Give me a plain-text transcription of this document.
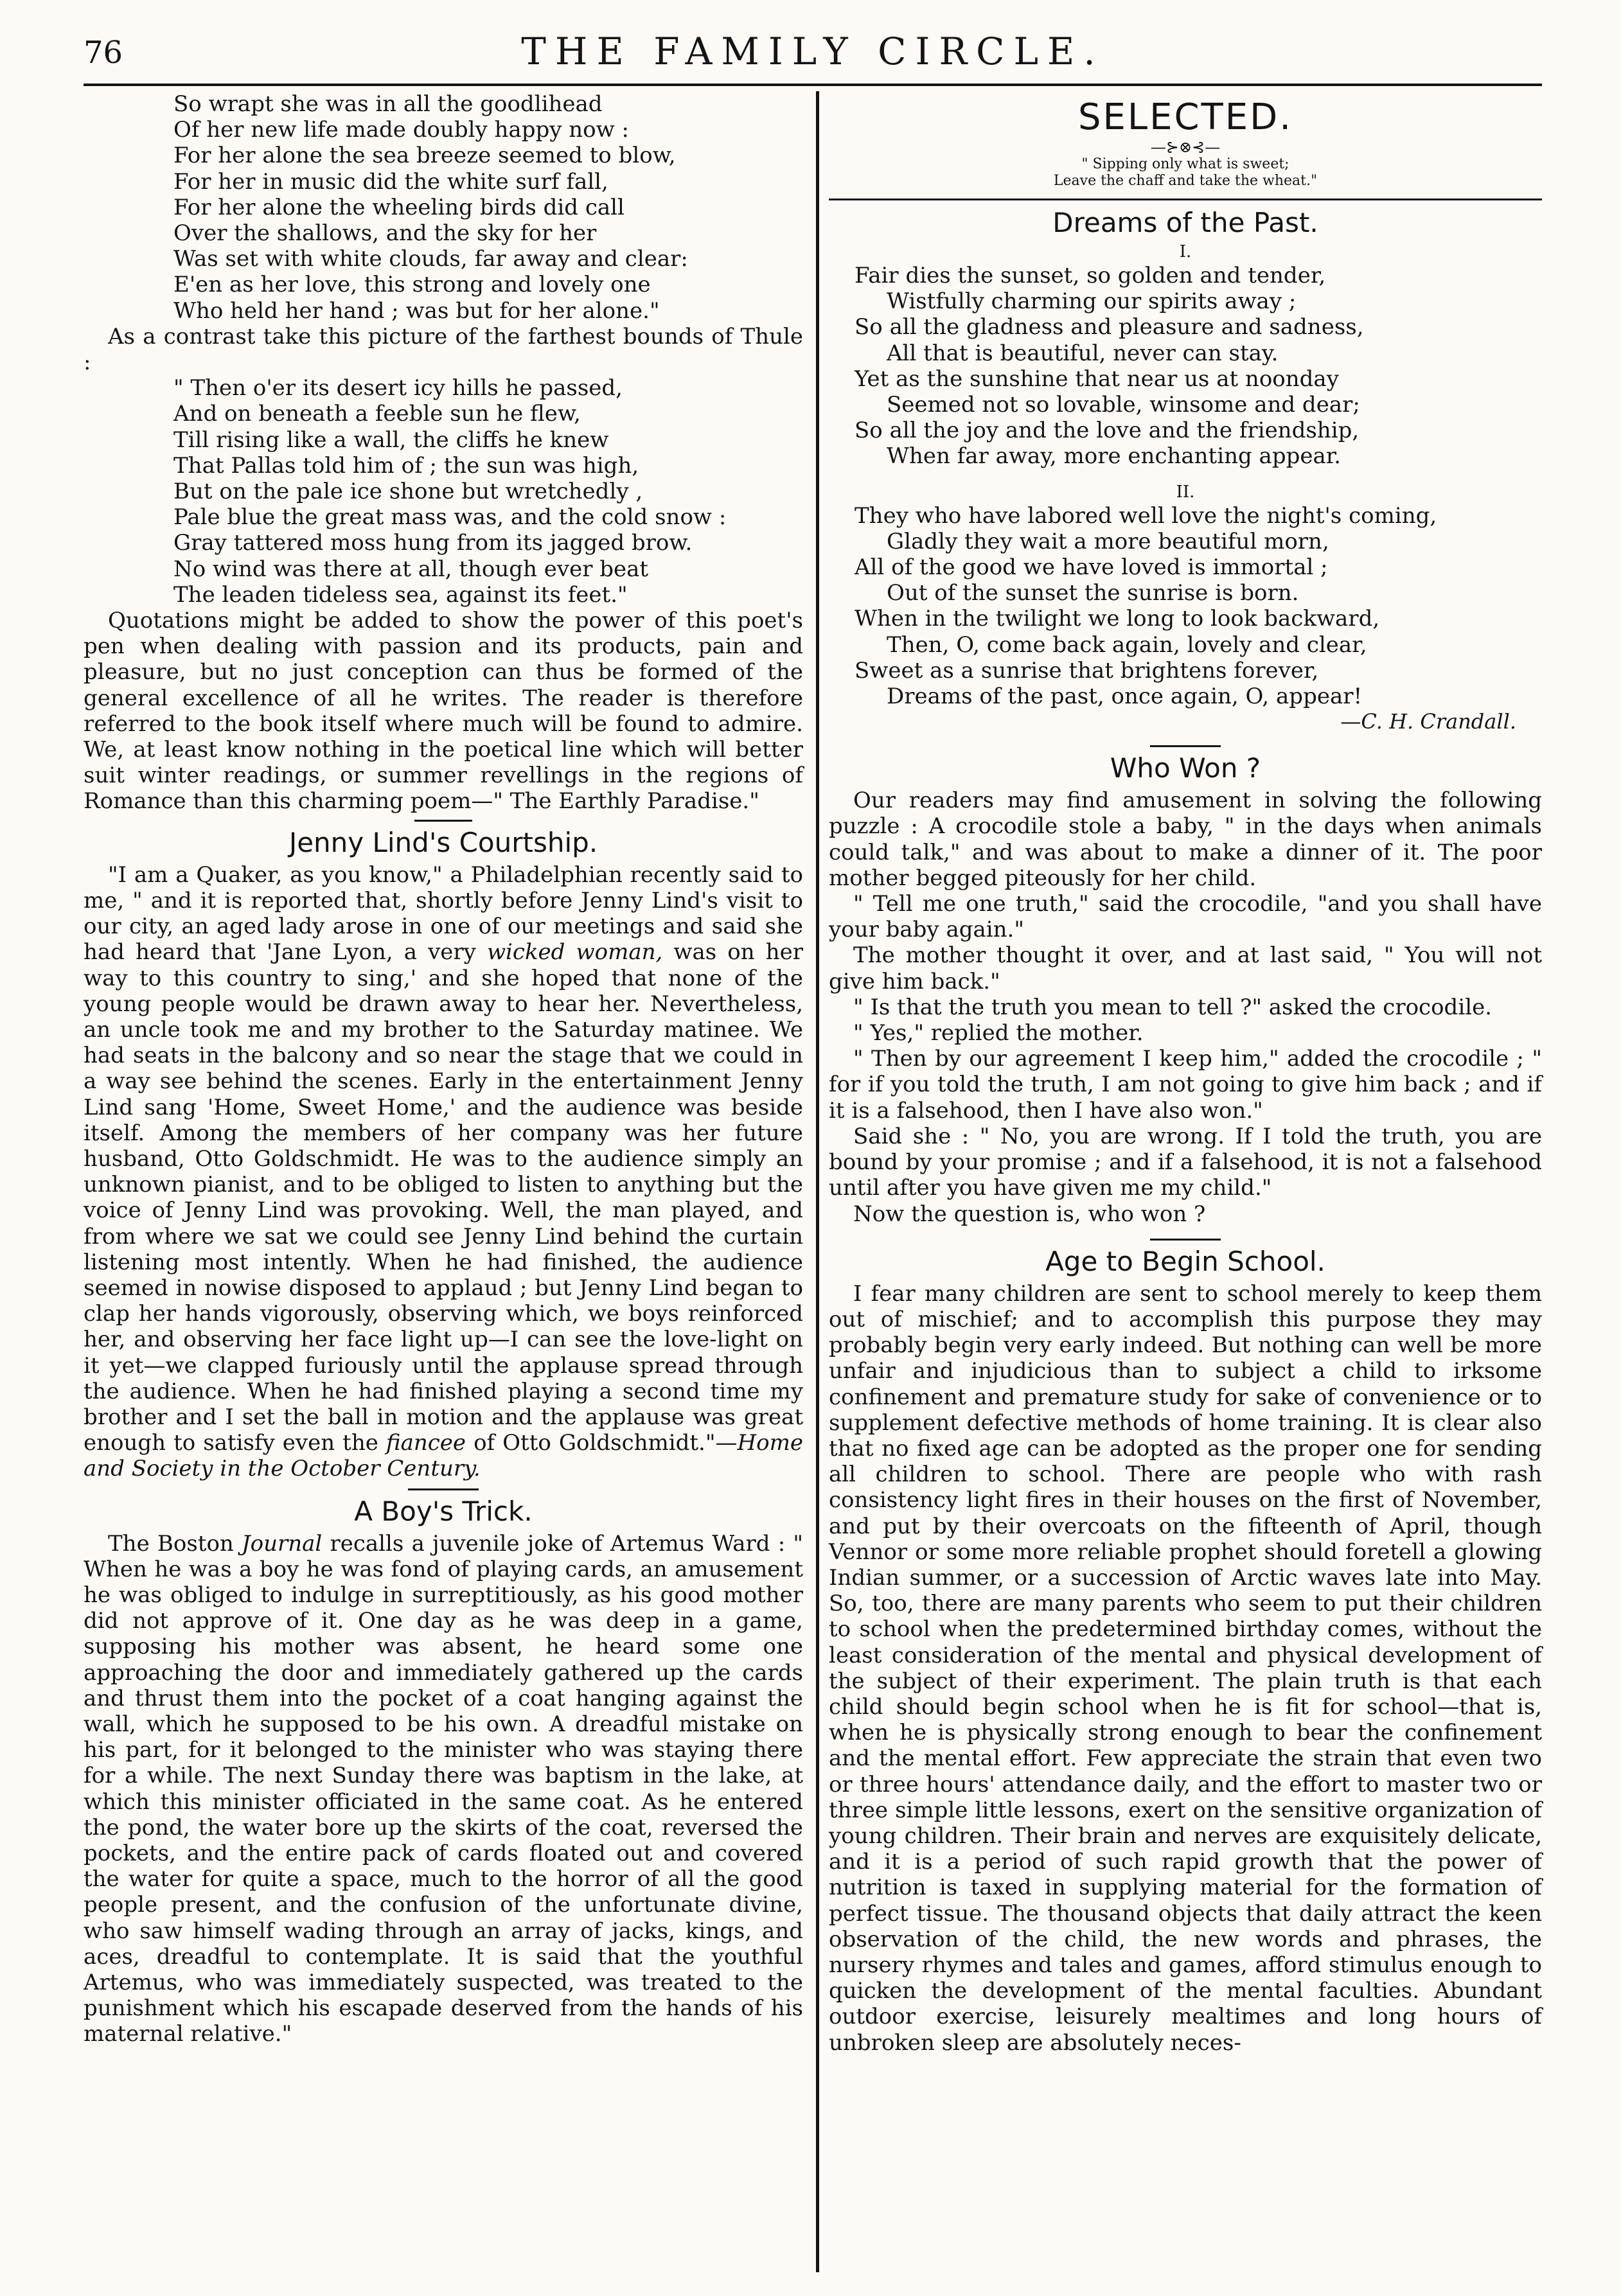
76	THE FAMILY CIRCLE.
So wrapt she was in all the goodlihead
Of her new life made doubly happy now :
For her alone the sea breeze seemed to blow,
For her in music did the white surf fall,
For her alone the wheeling birds did call
Over the shallows, and the sky for her
Was set with white clouds, far away and clear:
E'en as her love, this strong and lovely one
Who held her hand ; was but for her alone."

As a contrast take this picture of the farthest bounds of Thule :

" Then o'er its desert icy hills he passed,
And on beneath a feeble sun he flew,
Till rising like a wall, the cliffs he knew
That Pallas told him of ; the sun was high,
But on the pale ice shone but wretchedly ,
Pale blue the great mass was, and the cold snow :
Gray tattered moss hung from its jagged brow.
No wind was there at all, though ever beat
The leaden tideless sea, against its feet."

Quotations might be added to show the power of this poet's pen when dealing with passion and its products, pain and pleasure, but no just conception can thus be formed of the general excellence of all he writes. The reader is therefore referred to the book itself where much will be found to admire. We, at least know nothing in the poetical line which will better suit winter readings, or summer revellings in the regions of Romance than this charming poem—" The Earthly Paradise."

Jenny Lind's Courtship.

"I am a Quaker, as you know," a Philadelphian recently said to me, " and it is reported that, shortly before Jenny Lind's visit to our city, an aged lady arose in one of our meetings and said she had heard that 'Jane Lyon, a very wicked woman, was on her way to this country to sing,' and she hoped that none of the young people would be drawn away to hear her. Nevertheless, an uncle took me and my brother to the Saturday matinee. We had seats in the balcony and so near the stage that we could in a way see behind the scenes. Early in the entertainment Jenny Lind sang 'Home, Sweet Home,' and the audience was beside itself. Among the members of her company was her future husband, Otto Goldschmidt. He was to the audience simply an unknown pianist, and to be obliged to listen to anything but the voice of Jenny Lind was provoking. Well, the man played, and from where we sat we could see Jenny Lind behind the curtain listening most intently. When he had finished, the audience seemed in nowise disposed to applaud ; but Jenny Lind began to clap her hands vigorously, observing which, we boys reinforced her, and observing her face light up—I can see the love-light on it yet—we clapped furiously until the applause spread through the audience. When he had finished playing a second time my brother and I set the ball in motion and the applause was great enough to satisfy even the fiancee of Otto Goldschmidt."—Home and Society in the October Century.

A Boy's Trick.

The Boston Journal recalls a juvenile joke of Artemus Ward : " When he was a boy he was fond of playing cards, an amusement he was obliged to indulge in surreptitiously, as his good mother did not approve of it. One day as he was deep in a game, supposing his mother was absent, he heard some one approaching the door and immediately gathered up the cards and thrust them into the pocket of a coat hanging against the wall, which he supposed to be his own. A dreadful mistake on his part, for it belonged to the minister who was staying there for a while. The next Sunday there was baptism in the lake, at which this minister officiated in the same coat. As he entered the pond, the water bore up the skirts of the coat, reversed the pockets, and the entire pack of cards floated out and covered the water for quite a space, much to the horror of all the good people present, and the confusion of the unfortunate divine, who saw himself wading through an array of jacks, kings, and aces, dreadful to contemplate. It is said that the youthful Artemus, who was immediately suspected, was treated to the punishment which his escapade deserved from the hands of his maternal relative."

SELECTED.
—⊱⊗⊰—
" Sipping only what is sweet;
Leave the chaff and take the wheat."
Dreams of the Past.
I.
Fair dies the sunset, so golden and tender,
Wistfully charming our spirits away ;
So all the gladness and pleasure and sadness,
All that is beautiful, never can stay.
Yet as the sunshine that near us at noonday
Seemed not so lovable, winsome and dear;
So all the joy and the love and the friendship,
When far away, more enchanting appear.
II.
They who have labored well love the night's coming,
Gladly they wait a more beautiful morn,
All of the good we have loved is immortal ;
Out of the sunset the sunrise is born.
When in the twilight we long to look backward,
Then, O, come back again, lovely and clear,
Sweet as a sunrise that brightens forever,
Dreams of the past, once again, O, appear!
—C. H. Crandall.
Who Won ?

Our readers may find amusement in solving the following puzzle : A crocodile stole a baby, " in the days when animals could talk," and was about to make a dinner of it. The poor mother begged piteously for her child.

" Tell me one truth," said the crocodile, "and you shall have your baby again."

The mother thought it over, and at last said, " You will not give him back."

" Is that the truth you mean to tell ?" asked the crocodile.

" Yes," replied the mother.

" Then by our agreement I keep him," added the crocodile ; " for if you told the truth, I am not going to give him back ; and if it is a falsehood, then I have also won."

Said she : " No, you are wrong. If I told the truth, you are bound by your promise ; and if a falsehood, it is not a falsehood until after you have given me my child."

Now the question is, who won ?

Age to Begin School.

I fear many children are sent to school merely to keep them out of mischief; and to accomplish this purpose they may probably begin very early indeed. But nothing can well be more unfair and injudicious than to subject a child to irksome confinement and premature study for sake of convenience or to supplement defective methods of home training. It is clear also that no fixed age can be adopted as the proper one for sending all children to school. There are people who with rash consistency light fires in their houses on the first of November, and put by their overcoats on the fifteenth of April, though Vennor or some more reliable prophet should foretell a glowing Indian summer, or a succession of Arctic waves late into May. So, too, there are many parents who seem to put their children to school when the predetermined birthday comes, without the least consideration of the mental and physical development of the subject of their experiment. The plain truth is that each child should begin school when he is fit for school—that is, when he is physically strong enough to bear the confinement and the mental effort. Few appreciate the strain that even two or three hours' attendance daily, and the effort to master two or three simple little lessons, exert on the sensitive organization of young children. Their brain and nerves are exquisitely delicate, and it is a period of such rapid growth that the power of nutrition is taxed in supplying material for the formation of perfect tissue. The thousand objects that daily attract the keen observation of the child, the new words and phrases, the nursery rhymes and tales and games, afford stimulus enough to quicken the development of the mental faculties. Abundant outdoor exercise, leisurely mealtimes and long hours of unbroken sleep are absolutely neces-
